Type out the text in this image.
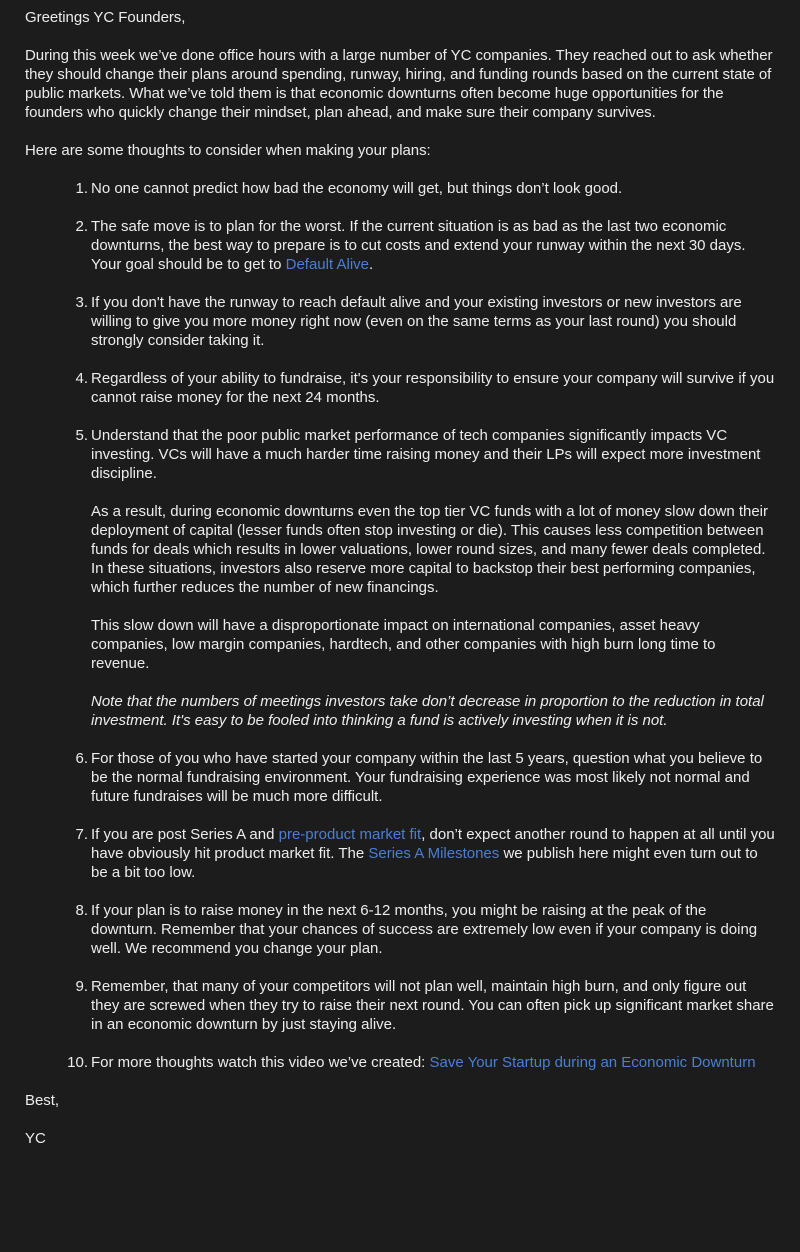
Greetings YC Founders,

During this week we’ve done office hours with a large number of YC companies. They reached out to ask whether they should change their plans around spending, runway, hiring, and funding rounds based on the current state of public markets. What we’ve told them is that economic downturns often become huge opportunities for the founders who quickly change their mindset, plan ahead, and make sure their company survives.

Here are some thoughts to consider when making your plans:

1. No one cannot predict how bad the economy will get, but things don’t look good.
2. The safe move is to plan for the worst. If the current situation is as bad as the last two economic downturns, the best way to prepare is to cut costs and extend your runway within the next 30 days. Your goal should be to get to Default Alive.
3. If you don't have the runway to reach default alive and your existing investors or new investors are willing to give you more money right now (even on the same terms as your last round) you should strongly consider taking it.
4. Regardless of your ability to fundraise, it's your responsibility to ensure your company will survive if you cannot raise money for the next 24 months.
5. Understand that the poor public market performance of tech companies significantly impacts VC investing. VCs will have a much harder time raising money and their LPs will expect more investment discipline.
As a result, during economic downturns even the top tier VC funds with a lot of money slow down their deployment of capital (lesser funds often stop investing or die). This causes less competition between funds for deals which results in lower valuations, lower round sizes, and many fewer deals completed. In these situations, investors also reserve more capital to backstop their best performing companies, which further reduces the number of new financings.
This slow down will have a disproportionate impact on international companies, asset heavy companies, low margin companies, hardtech, and other companies with high burn long time to revenue.
Note that the numbers of meetings investors take don’t decrease in proportion to the reduction in total investment. It's easy to be fooled into thinking a fund is actively investing when it is not.
6. For those of you who have started your company within the last 5 years, question what you believe to be the normal fundraising environment. Your fundraising experience was most likely not normal and future fundraises will be much more difficult.
7. If you are post Series A and pre-product market fit, don’t expect another round to happen at all until you have obviously hit product market fit. The Series A Milestones we publish here might even turn out to be a bit too low.
8. If your plan is to raise money in the next 6-12 months, you might be raising at the peak of the downturn. Remember that your chances of success are extremely low even if your company is doing well. We recommend you change your plan.
9. Remember, that many of your competitors will not plan well, maintain high burn, and only figure out they are screwed when they try to raise their next round. You can often pick up significant market share in an economic downturn by just staying alive.
10. For more thoughts watch this video we’ve created: Save Your Startup during an Economic Downturn

Best,

YC
